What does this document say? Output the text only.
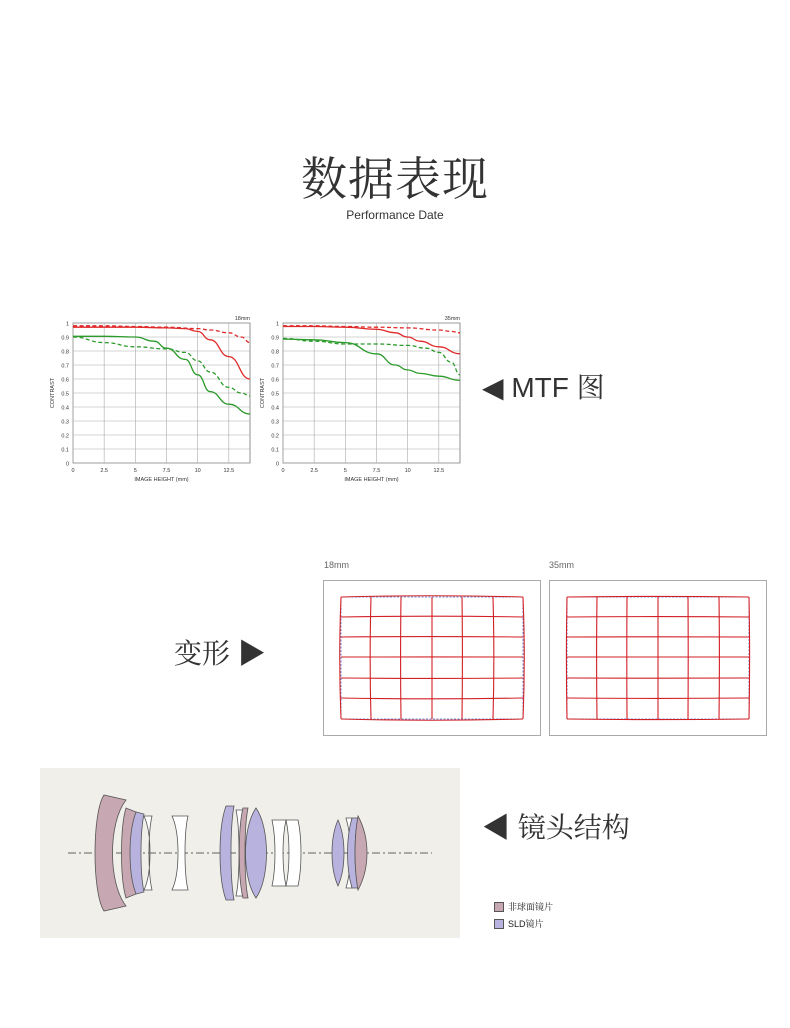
数据表现
Performance Date
0
0.1
0.2
0.3
0.4
0.5
0.6
0.7
0.8
0.9
1
0	2.5	5	7.5	10	12.5
IMAGE HEIGHT (mm)
CONTRAST
18mm
0
0.1
0.2
0.3
0.4
0.5
0.6
0.7
0.8
0.9
1
0	2.5	5	7.5	10	12.5
IMAGE HEIGHT (mm)
CONTRAST
35mm
◀ MTF 图
变形 ▶
18mm	35mm
◀ 镜头结构
非球面镜片
SLD镜片
